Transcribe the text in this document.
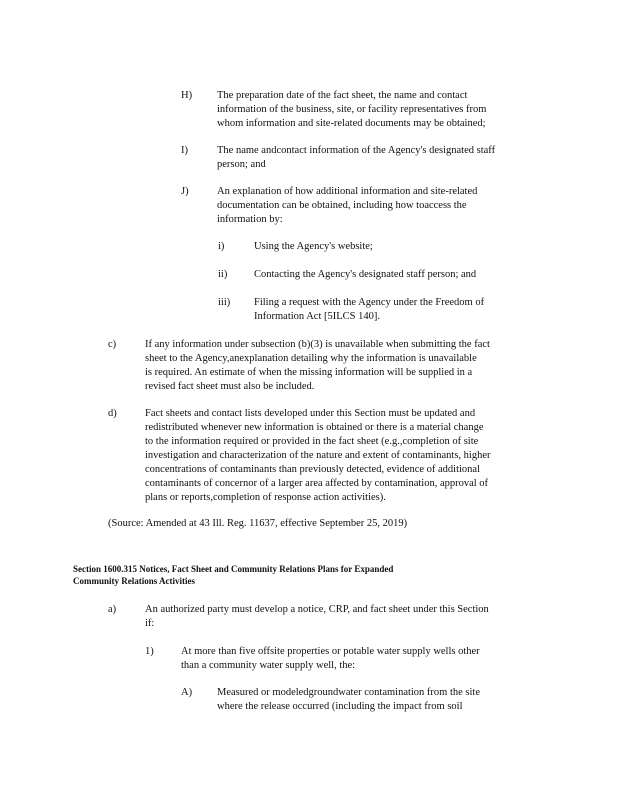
H) The preparation date of the fact sheet, the name and contact
information of the business, site, or facility representatives from
whom information and site-related documents may be obtained;
I)	The name andcontact information of the Agency's designated staff
person; and
J)	An explanation of how additional information and site-related
documentation can be obtained, including how toaccess the
information by:
i)	Using the Agency's website;
ii)	Contacting the Agency's designated staff person; and
iii) Filing a request with the Agency under the Freedom of
Information Act [5ILCS 140].
c)	If any information under subsection (b)(3) is unavailable when submitting the fact
sheet to the Agency,anexplanation detailing why the information is unavailable
is required. An estimate of when the missing information will be supplied in a
revised fact sheet must also be included.
d)	Fact sheets and contact lists developed under this Section must be updated and
redistributed whenever new information is obtained or there is a material change
to the information required or provided in the fact sheet (e.g.,completion of site
investigation and characterization of the nature and extent of contaminants, higher
concentrations of contaminants than previously detected, evidence of additional
contaminants of concernor of a larger area affected by contamination, approval of
plans or reports,completion of response action activities).
(Source: Amended at 43 Ill. Reg. 11637, effective September 25, 2019)
Section 1600.315 Notices, Fact Sheet and Community Relations Plans for Expanded
Community Relations Activities
a)	An authorized party must develop a notice, CRP, and fact sheet under this Section
if:
1)	At more than five offsite properties or potable water supply wells other
than a community water supply well, the:
A) Measured or modeledgroundwater contamination from the site
where the release occurred (including the impact from soil
